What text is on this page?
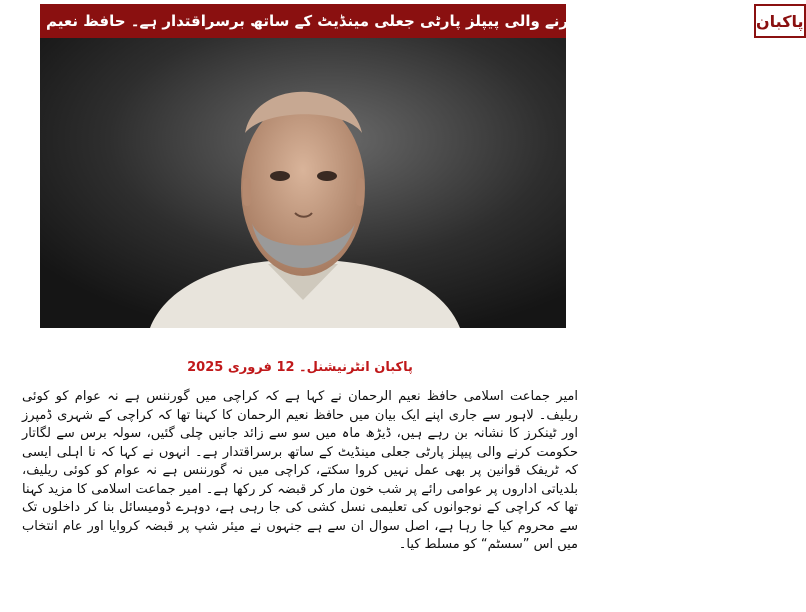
سولہ سال سے حکومت کرنے والی پیپلز پارٹی جعلی مینڈیٹ کے ساتھ برسراقتدار ہے۔ حافظ نعیم پاکبان
پاکبان انٹرنیشنل۔ 12 فروری 2025

امیر جماعت اسلامی حافظ نعیم الرحمان نے کہا ہے کہ کراچی میں گورننس ہے نہ عوام کو کوئی ریلیف۔ لاہور سے جاری اپنے ایک بیان میں حافظ نعیم الرحمان کا کہنا تھا کہ کراچی کے شہری ڈمپرز اور ٹینکرز کا نشانہ بن رہے ہیں، ڈیڑھ ماہ میں سو سے زائد جانیں چلی گئیں، سولہ برس سے لگاتار حکومت کرنے والی پیپلز پارٹی جعلی مینڈیٹ کے ساتھ برسراقتدار ہے۔ انہوں نے کہا کہ نا اہلی ایسی کہ ٹریفک قوانین پر بھی عمل نہیں کروا سکتے، کراچی میں نہ گورننس ہے نہ عوام کو کوئی ریلیف، بلدیاتی اداروں پر عوامی رائے پر شب خون مار کر قبضہ کر رکھا ہے۔ امیر جماعت اسلامی کا مزید کہنا تھا کہ کراچی کے نوجوانوں کی تعلیمی نسل کشی کی جا رہی ہے، دوہرے ڈومیسائل بنا کر داخلوں تک سے محروم کیا جا رہا ہے، اصل سوال ان سے ہے جنہوں نے میئر شپ پر قبضہ کروایا اور عام انتخاب میں اس ”سسٹم“ کو مسلط کیا۔
